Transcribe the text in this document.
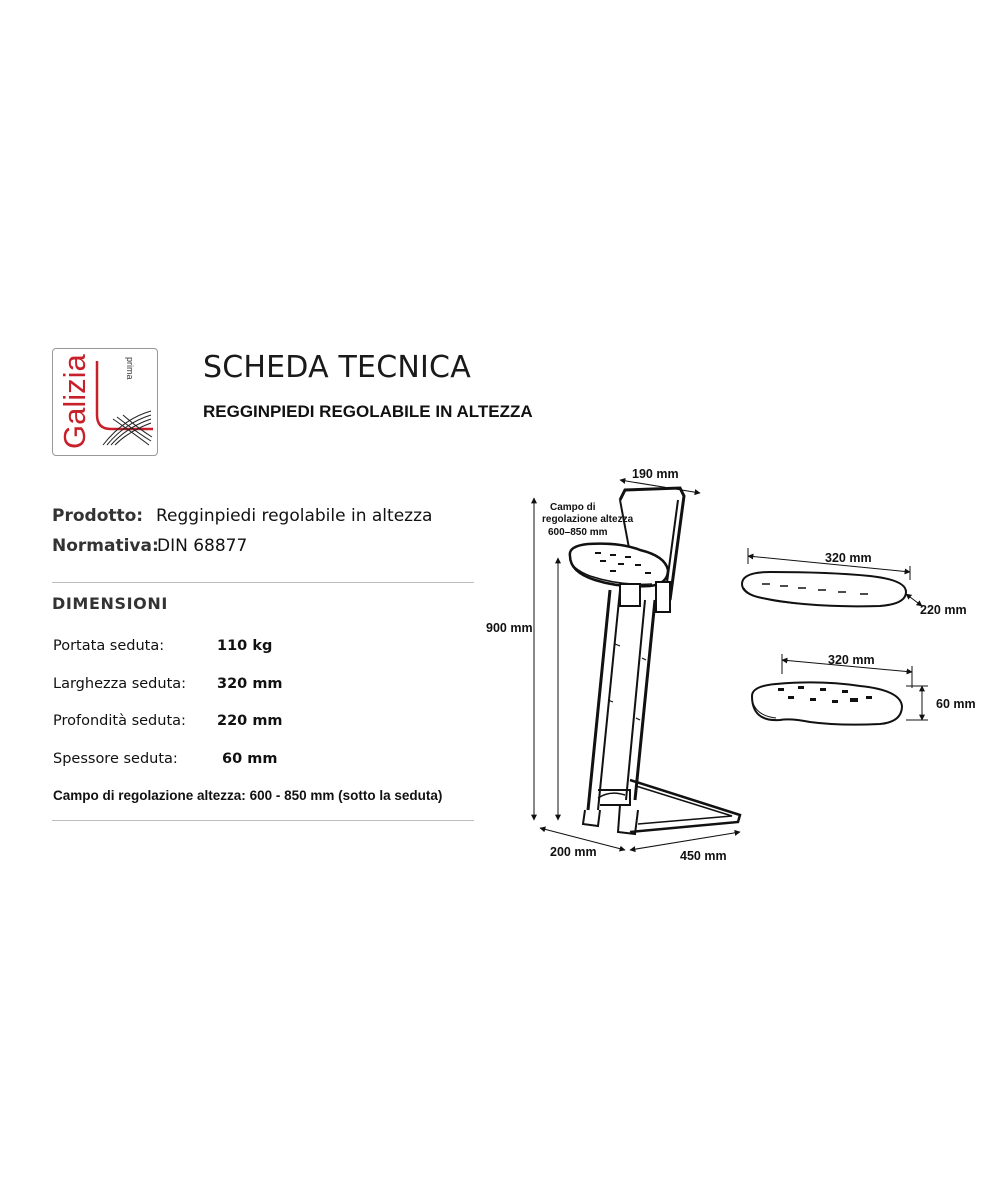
Galizia	prima SCHEDA TECNICA
REGGINPIEDI REGOLABILE IN ALTEZZA
Prodotto: Regginpiedi regolabile in altezza
Normativa:
DIN 68877
DIMENSIONI
Portata seduta:	110 kg
Larghezza seduta: 320 mm
Profondità seduta: 220 mm
Spessore seduta:	60 mm
Campo di regolazione altezza: 600 - 850 mm (sotto la seduta)
190 mm
Campo di
regolazione altezza
600–850 mm
900 mm
200 mm	450 mm
320 mm
220 mm
320 mm
60 mm
